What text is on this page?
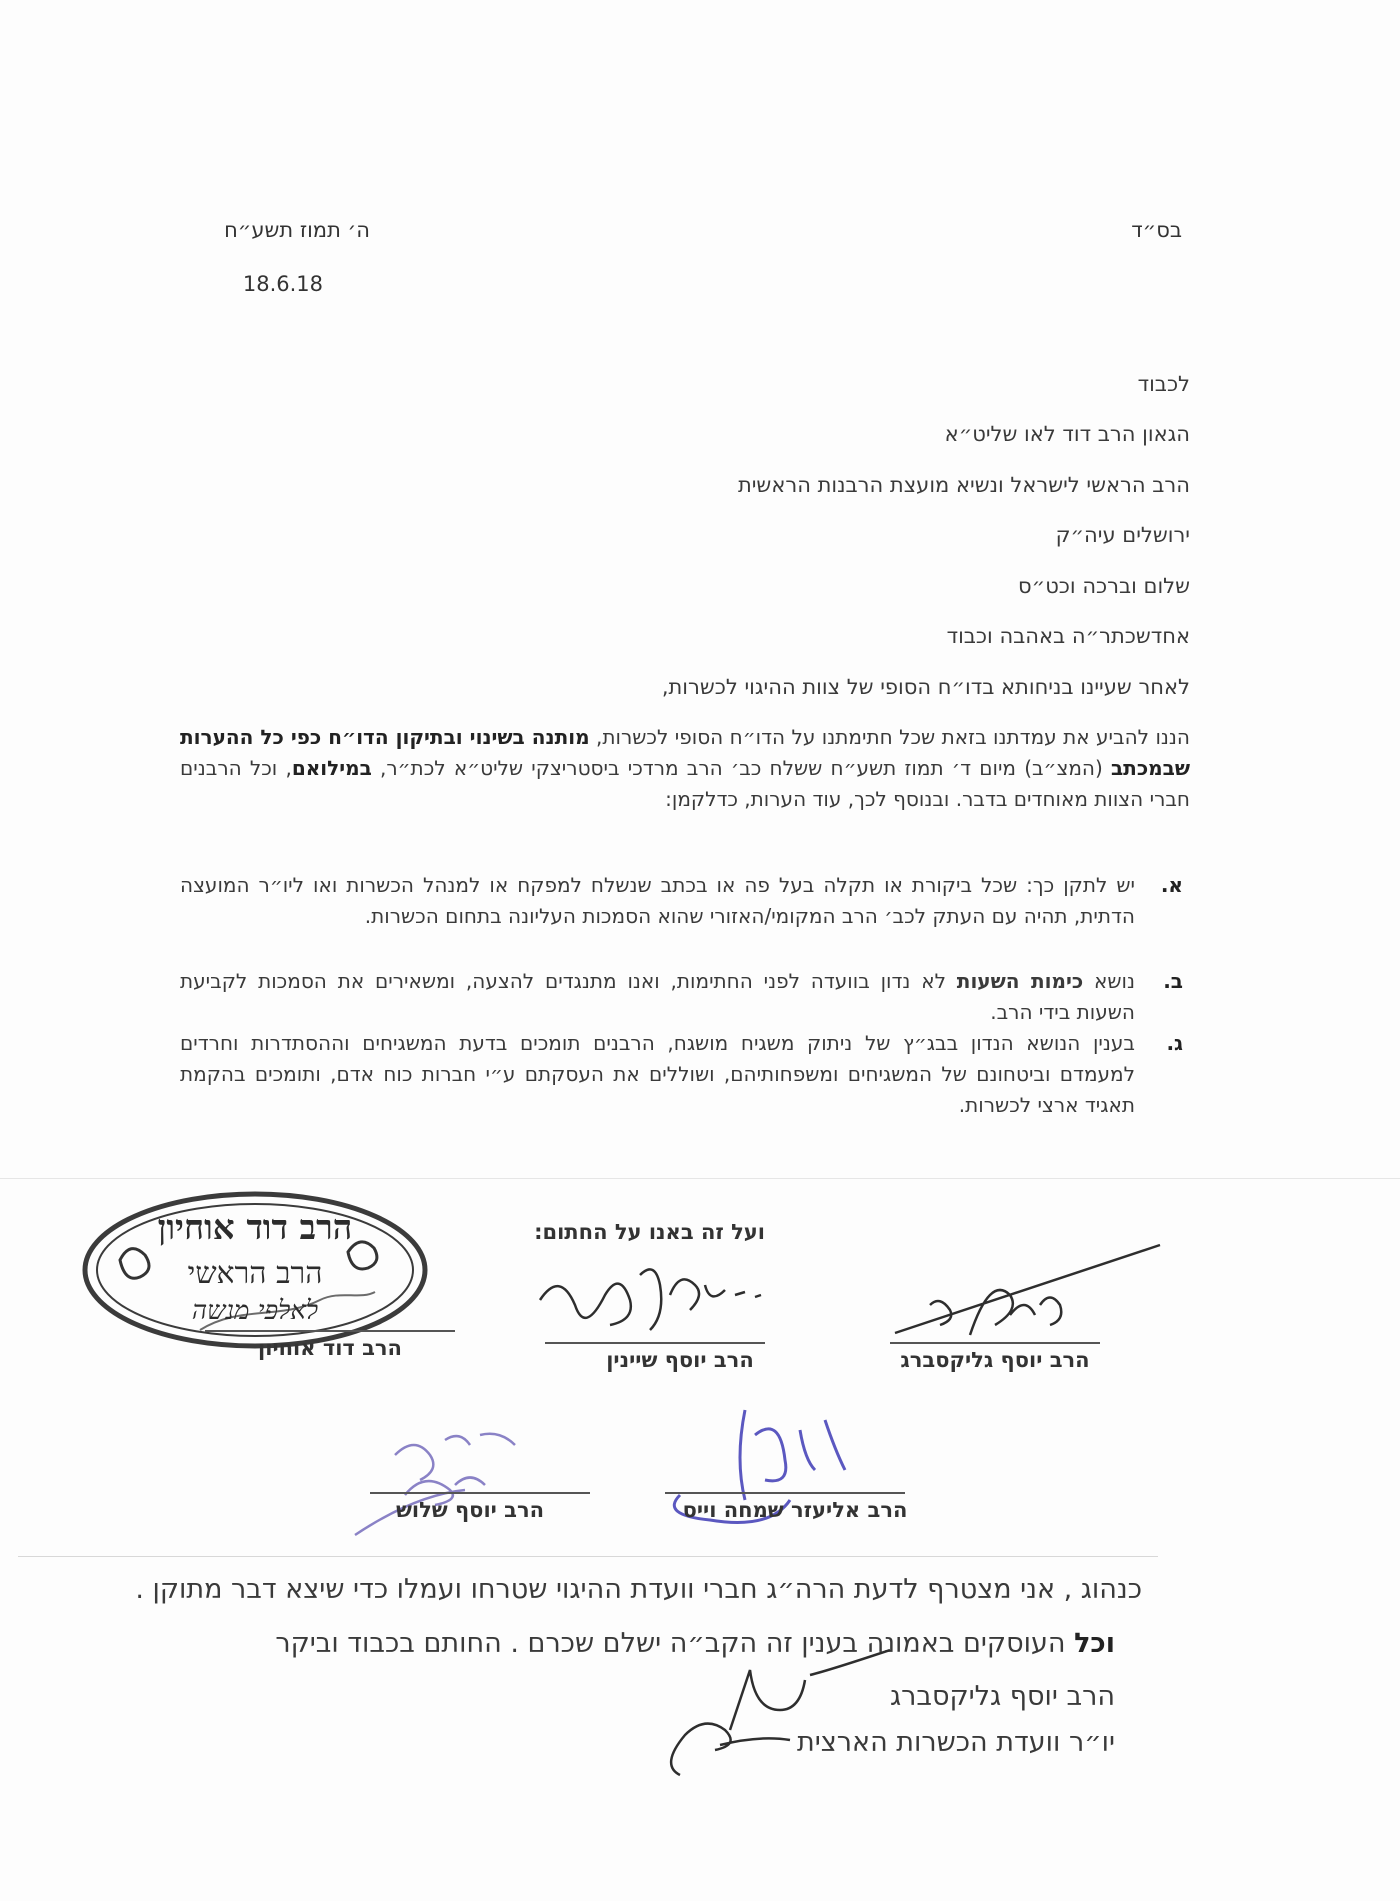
בס״ד
ה׳ תמוז תשע״ח
18.6.18
לכבוד
הגאון הרב דוד לאו שליט״א
הרב הראשי לישראל ונשיא מועצת הרבנות הראשית
ירושלים עיה״ק
שלום וברכה וכט״ס
אחדשכתר״ה באהבה וכבוד
לאחר שעיינו בניחותא בדו״ח הסופי של צוות ההיגוי לכשרות,
הננו להביע את עמדתנו בזאת שכל חתימתנו על הדו״ח הסופי לכשרות, מותנה בשינוי ובתיקון הדו״ח כפי כל ההערות שבמכתב (המצ״ב) מיום ד׳ תמוז תשע״ח ששלח כב׳ הרב מרדכי ביסטריצקי שליט״א לכת״ר, במילואם, וכל הרבנים חברי הצוות מאוחדים בדבר. ובנוסף לכך, עוד הערות, כדלקמן:
א.
יש לתקן כך: שכל ביקורת או תקלה בעל פה או בכתב שנשלח למפקח או למנהל הכשרות ואו ליו״ר המועצה הדתית, תהיה עם העתק לכב׳ הרב המקומי/האזורי שהוא הסמכות העליונה בתחום הכשרות.
ב.
נושא כימות השעות לא נדון בוועדה לפני החתימות, ואנו מתנגדים להצעה, ומשאירים את הסמכות לקביעת השעות בידי הרב.
ג.
בענין הנושא הנדון בבג״ץ של ניתוק משגיח מושגח, הרבנים תומכים בדעת המשגיחים וההסתדרות וחרדים למעמדם וביטחונם של המשגיחים ומשפחותיהם, ושוללים את העסקתם ע״י חברות כוח אדם, ותומכים בהקמת תאגיד ארצי לכשרות.
ועל זה באנו על החתום:
הרב דוד אוחיון
הרב הראשי
לאלפי מנשה
הרב דוד אוחיון	הרב יוסף שיינין	הרב יוסף גליקסברג
הרב יוסף שלוש	הרב אליעזר שמחה וייס
כנהוג , אני מצטרף לדעת הרה״ג חברי וועדת ההיגוי שטרחו ועמלו כדי שיצא דבר מתוקן .
וכל העוסקים באמונה בענין זה הקב״ה ישלם שכרם . החותם בכבוד וביקר
הרב יוסף גליקסברג
יו״ר וועדת הכשרות הארצית
